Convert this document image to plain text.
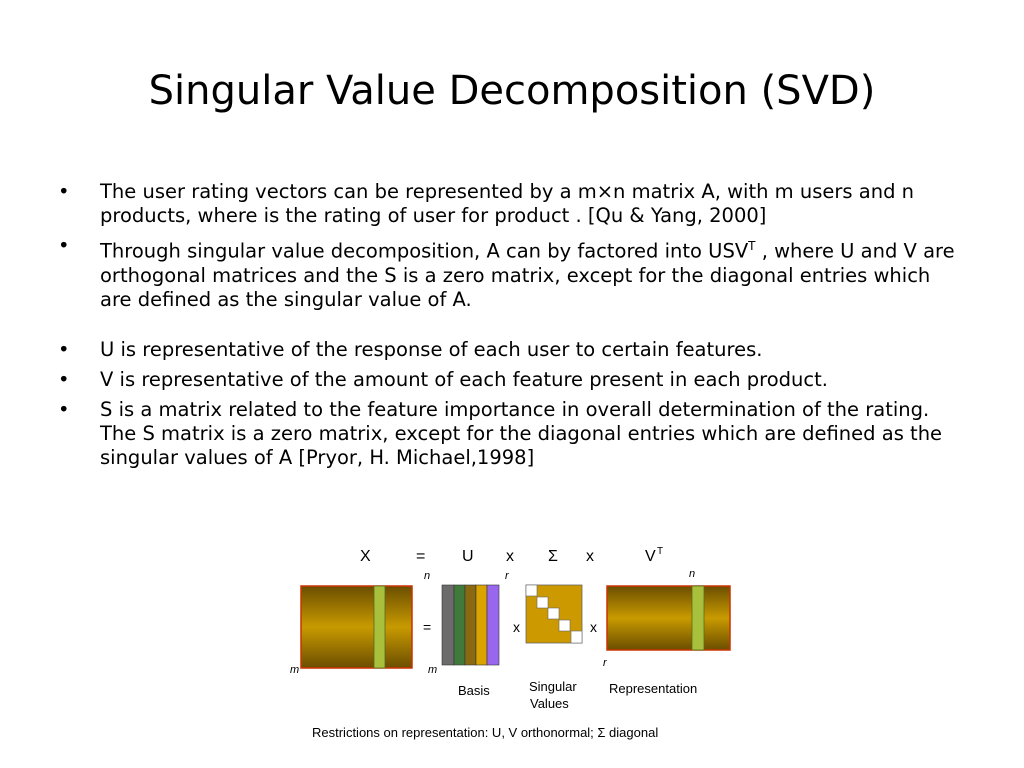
Singular Value Decomposition (SVD)
• The user rating vectors can be represented by a m×n matrix A, with m users and n products, where is the rating of user for product . [Qu & Yang, 2000]
• Through singular value decomposition, A can by factored into $USV^T$ , where U and V are orthogonal matrices and the S is a zero matrix, except for the diagonal entries which are defined as the singular value of A.
• U is representative of the response of each user to certain features.
• V is representative of the amount of each feature present in each product.
• S is a matrix related to the feature importance in overall determination of the rating. The S matrix is a zero matrix, except for the diagonal entries which are defined as the singular values of A [Pryor, H. Michael,1998]
X	= U x Σ x	V T
n	r	n
m	m
r
=	x	x
Basis	Singular
Values
Representation
Restrictions on representation: U, V orthonormal; Σ diagonal
